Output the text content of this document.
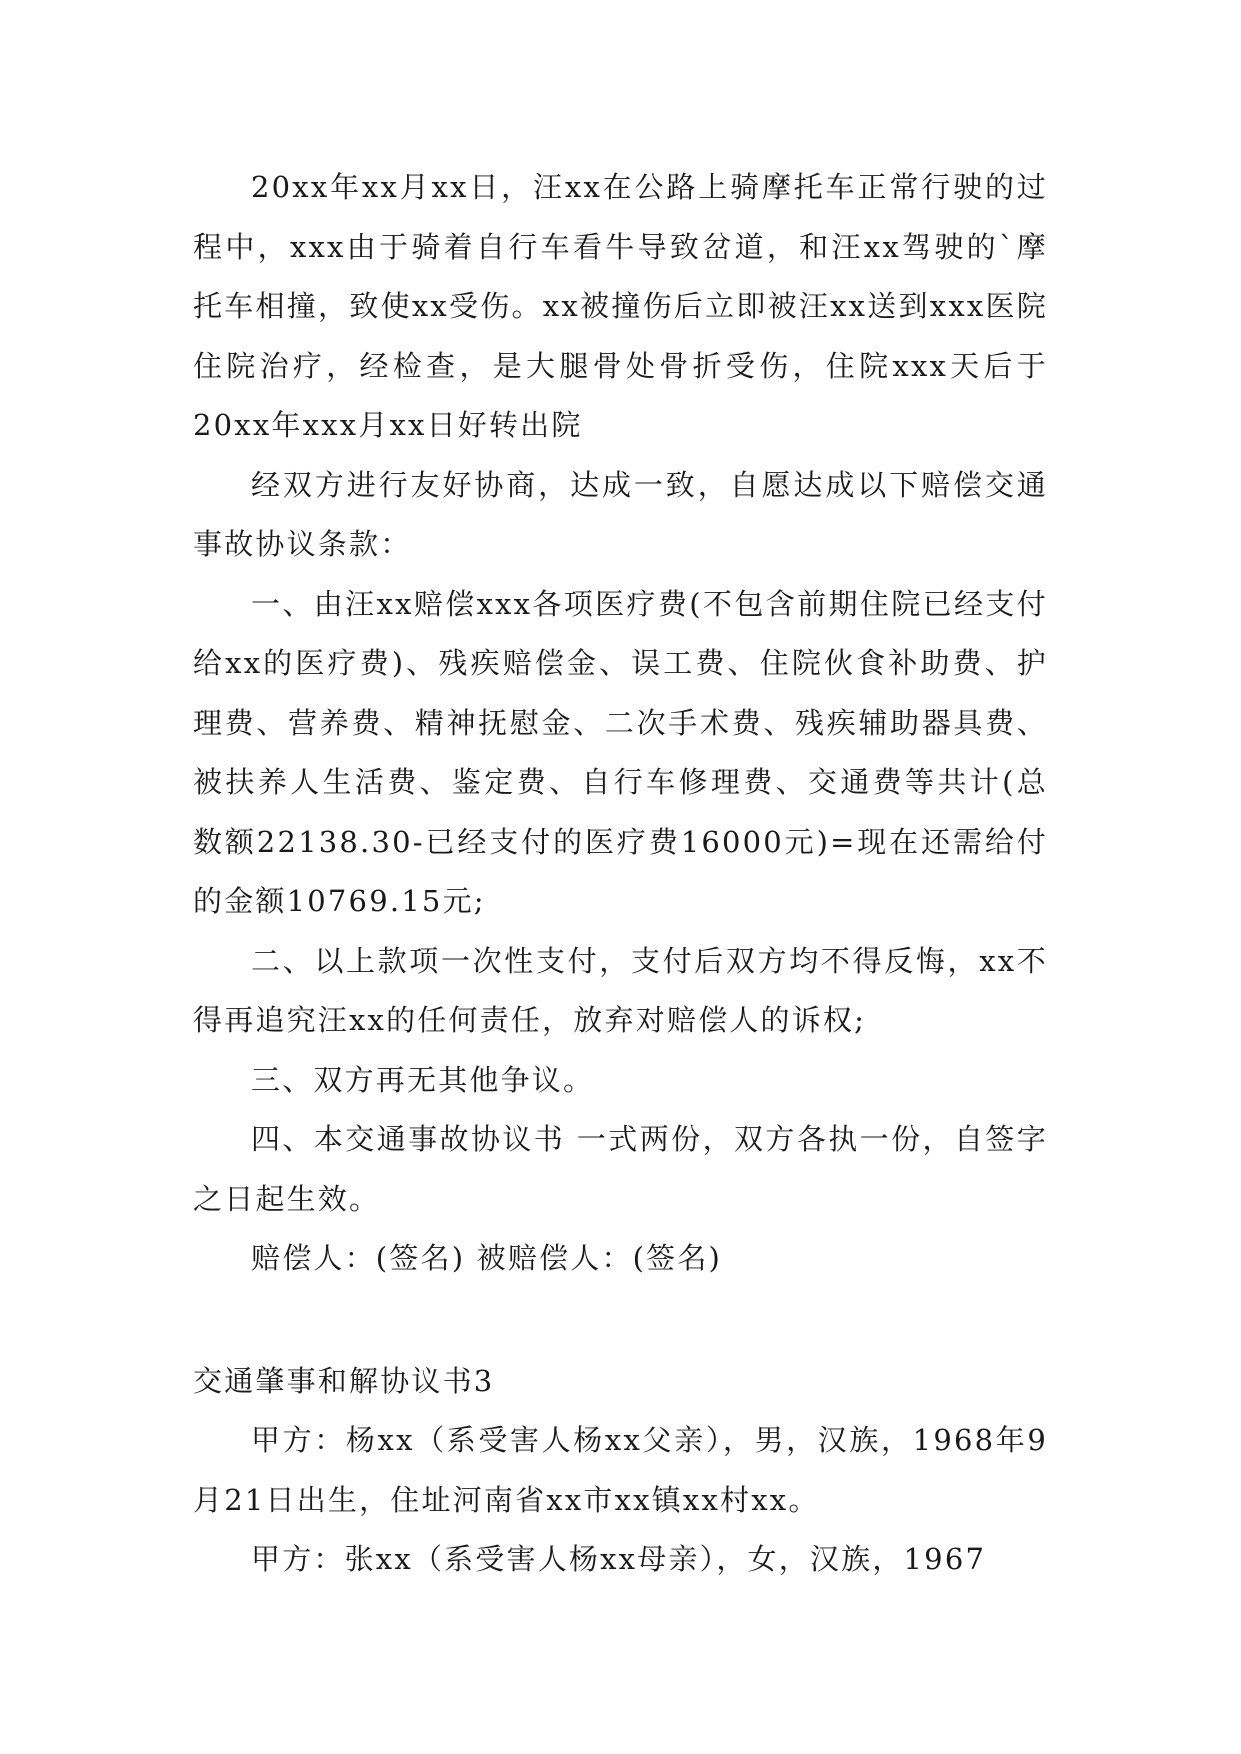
20xx年xx月xx日，汪xx在公路上骑摩托车正常行驶的过程中，xxx由于骑着自行车看牛导致岔道，和汪xx驾驶的`摩托车相撞，致使xx受伤。xx被撞伤后立即被汪xx送到xxx医院住院治疗，经检查，是大腿骨处骨折受伤，住院xxx天后于20xx年xxx月xx日好转出院

经双方进行友好协商，达成一致，自愿达成以下赔偿交通事故协议条款：

一、由汪xx赔偿xxx各项医疗费(不包含前期住院已经支付给xx的医疗费)、残疾赔偿金、误工费、住院伙食补助费、护理费、营养费、精神抚慰金、二次手术费、残疾辅助器具费、被扶养人生活费、鉴定费、自行车修理费、交通费等共计(总数额22138.30-已经支付的医疗费16000元)=现在还需给付的金额10769.15元;

二、以上款项一次性支付，支付后双方均不得反悔，xx不得再追究汪xx的任何责任，放弃对赔偿人的诉权;

三、双方再无其他争议。

四、本交通事故协议书 一式两份，双方各执一份，自签字之日起生效。

赔偿人：(签名) 被赔偿人：(签名)

交通肇事和解协议书3

甲方：杨xx（系受害人杨xx父亲），男，汉族，1968年9月21日出生，住址河南省xx市xx镇xx村xx。

甲方：张xx（系受害人杨xx母亲），女，汉族，1967
